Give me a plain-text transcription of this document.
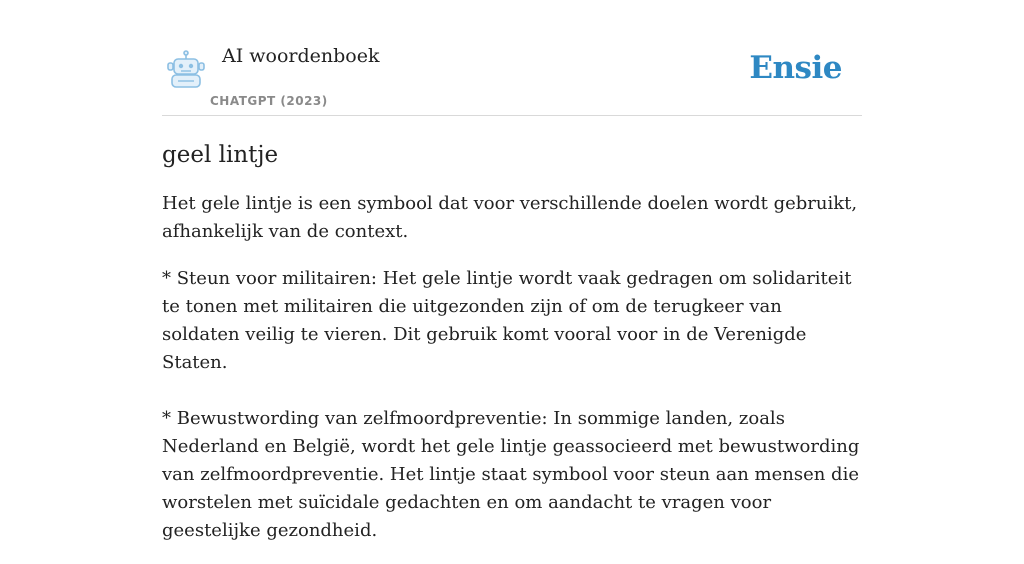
AI woordenboek
CHATGPT (2023)
Ensie
geel lintje

Het gele lintje is een symbool dat voor verschillende doelen wordt gebruikt, afhankelijk van de context.

* Steun voor militairen: Het gele lintje wordt vaak gedragen om solidariteit te tonen met militairen die uitgezonden zijn of om de terugkeer van soldaten veilig te vieren. Dit gebruik komt vooral voor in de Verenigde Staten.

* Bewustwording van zelfmoordpreventie: In sommige landen, zoals Nederland en België, wordt het gele lintje geassocieerd met bewustwording van zelfmoordpreventie. Het lintje staat symbool voor steun aan mensen die worstelen met suïcidale gedachten en om aandacht te vragen voor geestelijke gezondheid.
